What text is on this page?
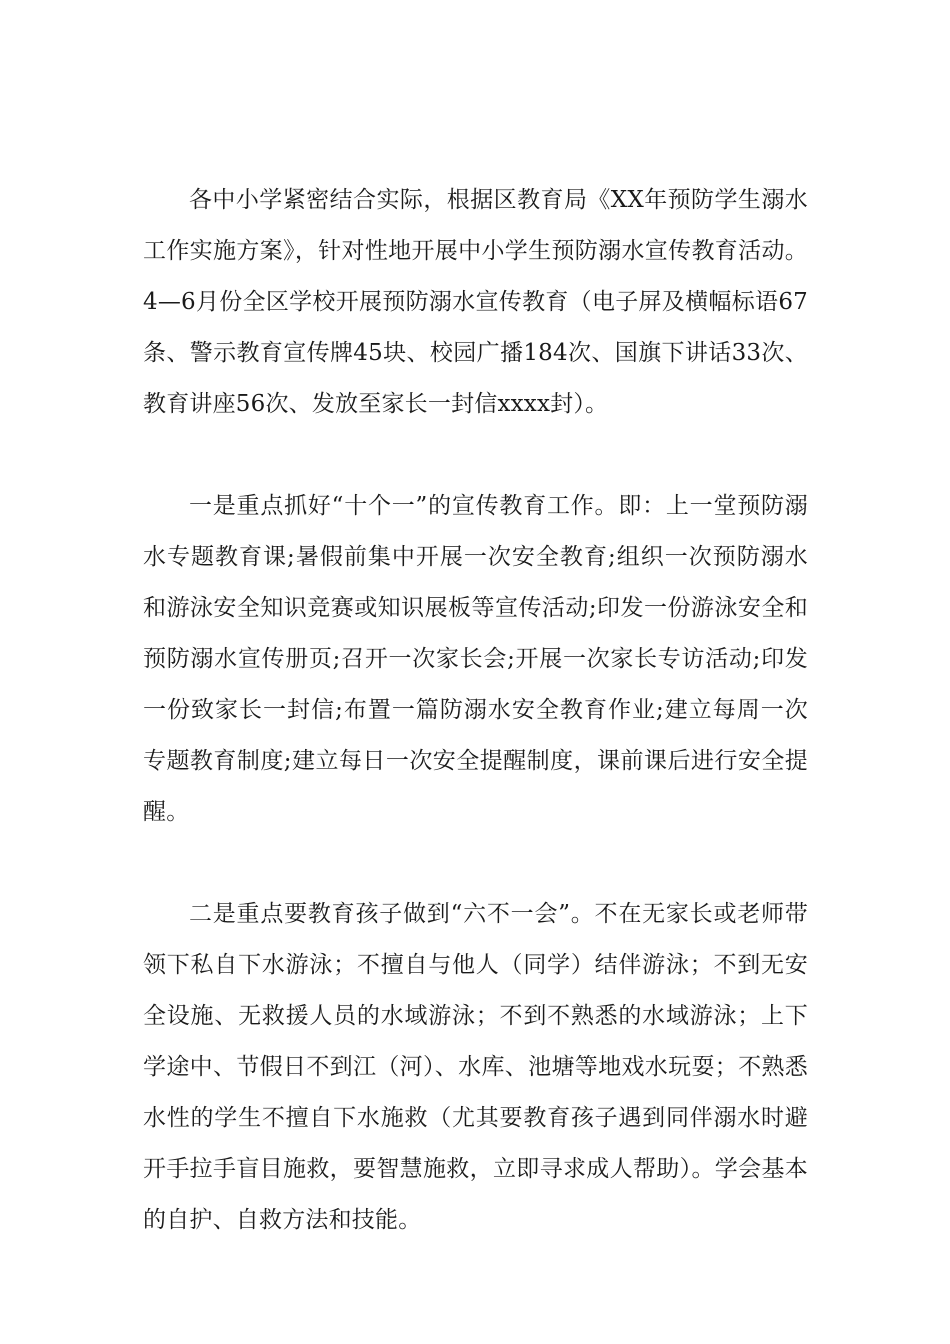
各中小学紧密结合实际，根据区教育局《XX年预防学生溺水工作实施方案》，针对性地开展中小学生预防溺水宣传教育活动。4—6月份全区学校开展预防溺水宣传教育（电子屏及横幅标语67条、警示教育宣传牌45块、校园广播184次、国旗下讲话33次、教育讲座56次、发放至家长一封信xxxx封）。

一是重点抓好“十个一”的宣传教育工作。即：上一堂预防溺水专题教育课;暑假前集中开展一次安全教育;组织一次预防溺水和游泳安全知识竞赛或知识展板等宣传活动;印发一份游泳安全和预防溺水宣传册页;召开一次家长会;开展一次家长专访活动;印发一份致家长一封信;布置一篇防溺水安全教育作业;建立每周一次专题教育制度;建立每日一次安全提醒制度，课前课后进行安全提醒。

二是重点要教育孩子做到“六不一会”。不在无家长或老师带领下私自下水游泳；不擅自与他人（同学）结伴游泳；不到无安全设施、无救援人员的水域游泳；不到不熟悉的水域游泳；上下学途中、节假日不到江（河）、水库、池塘等地戏水玩耍；不熟悉水性的学生不擅自下水施救（尤其要教育孩子遇到同伴溺水时避开手拉手盲目施救，要智慧施救，立即寻求成人帮助）。学会基本的自护、自救方法和技能。
